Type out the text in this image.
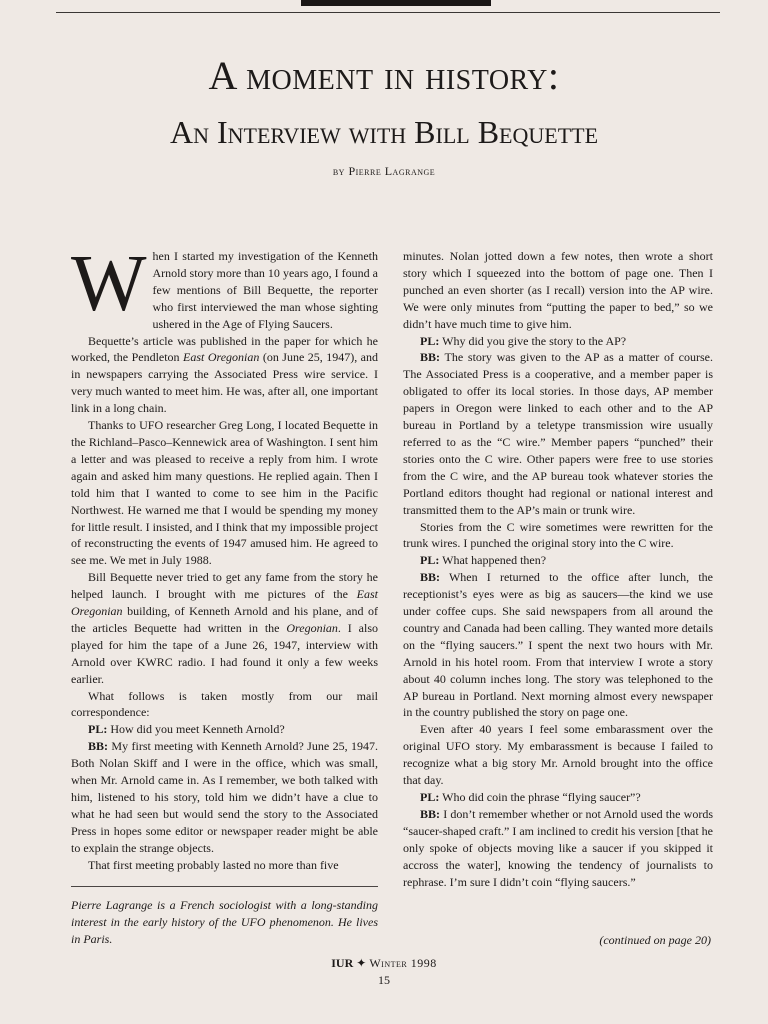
A moment in history:
An Interview with Bill Bequette
by Pierre Lagrange

When I started my investigation of the Kenneth Arnold story more than 10 years ago, I found a few mentions of Bill Bequette, the reporter who first interviewed the man whose sighting ushered in the Age of Flying Saucers.

Bequette’s article was published in the paper for which he worked, the Pendleton East Oregonian (on June 25, 1947), and in newspapers carrying the Associated Press wire service. I very much wanted to meet him. He was, after all, one important link in a long chain.

Thanks to UFO researcher Greg Long, I located Bequette in the Richland–Pasco–Kennewick area of Washington. I sent him a letter and was pleased to receive a reply from him. I wrote again and asked him many questions. He replied again. Then I told him that I wanted to come to see him in the Pacific Northwest. He warned me that I would be spending my money for little result. I insisted, and I think that my impossible project of reconstructing the events of 1947 amused him. He agreed to see me. We met in July 1988.

Bill Bequette never tried to get any fame from the story he helped launch. I brought with me pictures of the East Oregonian building, of Kenneth Arnold and his plane, and of the articles Bequette had written in the Oregonian. I also played for him the tape of a June 26, 1947, interview with Arnold over KWRC radio. I had found it only a few weeks earlier.

What follows is taken mostly from our mail correspondence:

PL: How did you meet Kenneth Arnold?

BB: My first meeting with Kenneth Arnold? June 25, 1947. Both Nolan Skiff and I were in the office, which was small, when Mr. Arnold came in. As I remember, we both talked with him, listened to his story, told him we didn’t have a clue to what he had seen but would send the story to the Associated Press in hopes some editor or newspaper reader might be able to explain the strange objects.

That first meeting probably lasted no more than five

Pierre Lagrange is a French sociologist with a long-standing interest in the early history of the UFO phenomenon. He lives in Paris.

minutes. Nolan jotted down a few notes, then wrote a short story which I squeezed into the bottom of page one. Then I punched an even shorter (as I recall) version into the AP wire. We were only minutes from “putting the paper to bed,” so we didn’t have much time to give him.

PL: Why did you give the story to the AP?

BB: The story was given to the AP as a matter of course. The Associated Press is a cooperative, and a member paper is obligated to offer its local stories. In those days, AP member papers in Oregon were linked to each other and to the AP bureau in Portland by a teletype transmission wire usually referred to as the “C wire.” Member papers “punched” their stories onto the C wire. Other papers were free to use stories from the C wire, and the AP bureau took whatever stories the Portland editors thought had regional or national interest and transmitted them to the AP’s main or trunk wire.

Stories from the C wire sometimes were rewritten for the trunk wires. I punched the original story into the C wire.

PL: What happened then?

BB: When I returned to the office after lunch, the receptionist’s eyes were as big as saucers—the kind we use under coffee cups. She said newspapers from all around the country and Canada had been calling. They wanted more details on the “flying saucers.” I spent the next two hours with Mr. Arnold in his hotel room. From that interview I wrote a story about 40 column inches long. The story was telephoned to the AP bureau in Portland. Next morning almost every newspaper in the country published the story on page one.

Even after 40 years I feel some embarassment over the original UFO story. My embarassment is because I failed to recognize what a big story Mr. Arnold brought into the office that day.

PL: Who did coin the phrase “flying saucer”?

BB: I don’t remember whether or not Arnold used the words “saucer-shaped craft.” I am inclined to credit his version [that he only spoke of objects moving like a saucer if you skipped it accross the water], knowing the tendency of journalists to rephrase. I’m sure I didn’t coin “flying saucers.”

(continued on page 20)
IUR ✦ Winter 1998
15
